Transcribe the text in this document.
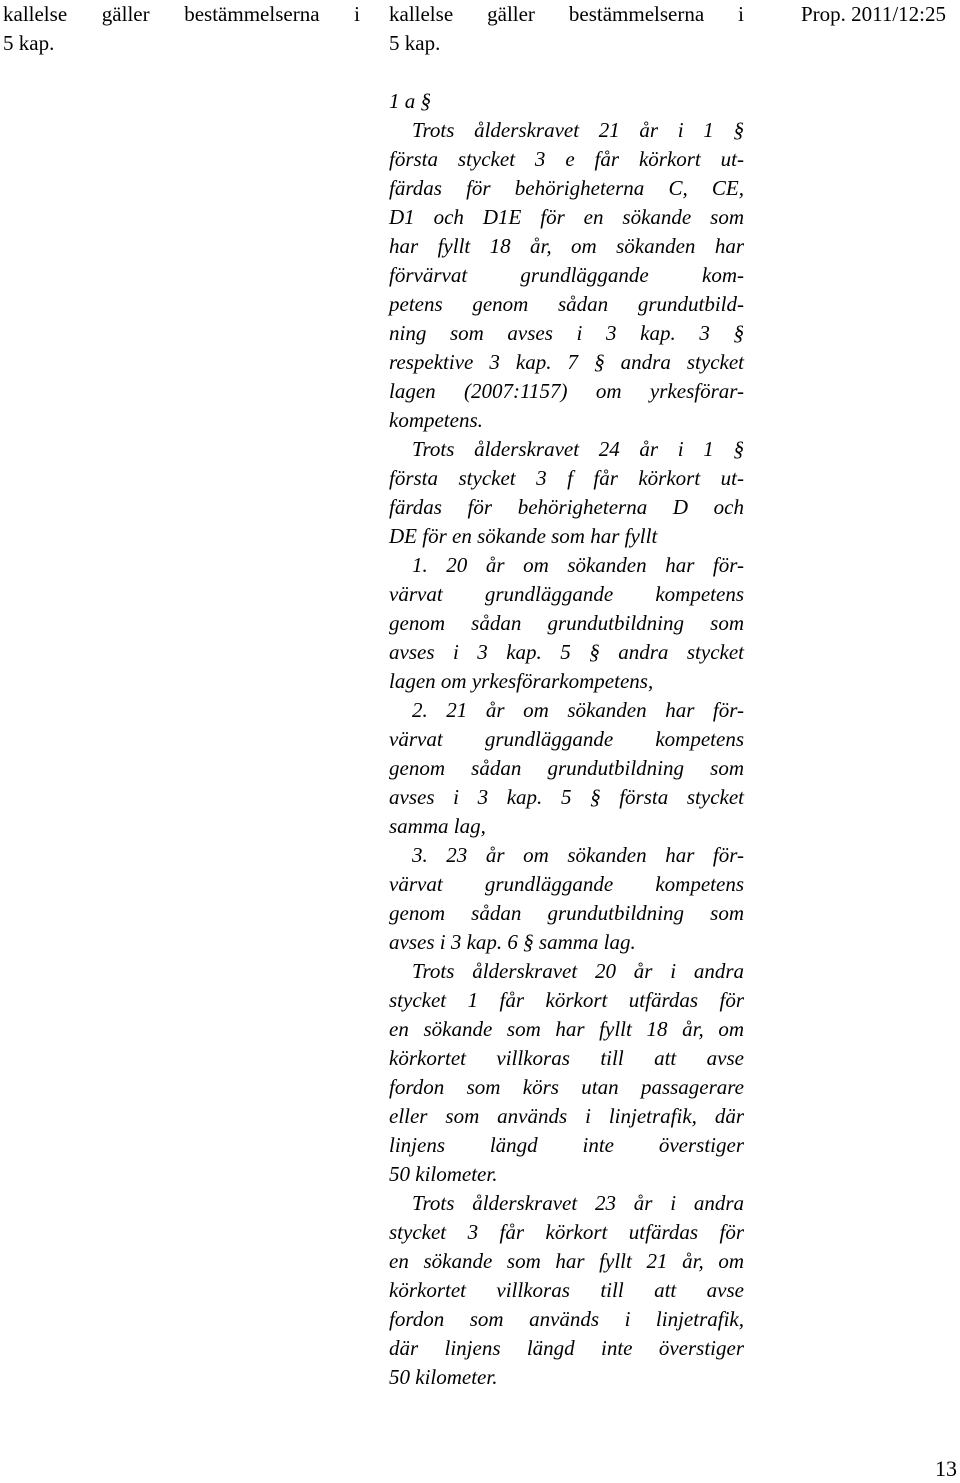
kallelse gäller bestämmelserna i

5 kap.

kallelse gäller bestämmelserna i

5 kap.

Prop. 2011/12:25

1 a §

Trots ålderskravet 21 år i 1 §

första stycket 3 e får körkort ut-

färdas för behörigheterna C, CE,

D1 och D1E för en sökande som

har fyllt 18 år, om sökanden har

förvärvat grundläggande kom-

petens genom sådan grundutbild-

ning som avses i 3 kap. 3 §

respektive 3 kap. 7 § andra stycket

lagen (2007:1157) om yrkesförar-

kompetens.

Trots ålderskravet 24 år i 1 §

första stycket 3 f får körkort ut-

färdas för behörigheterna D och

DE för en sökande som har fyllt

1. 20 år om sökanden har för-

värvat grundläggande kompetens

genom sådan grundutbildning som

avses i 3 kap. 5 § andra stycket

lagen om yrkesförarkompetens,

2. 21 år om sökanden har för-

värvat grundläggande kompetens

genom sådan grundutbildning som

avses i 3 kap. 5 § första stycket

samma lag,

3. 23 år om sökanden har för-

värvat grundläggande kompetens

genom sådan grundutbildning som

avses i 3 kap. 6 § samma lag.

Trots ålderskravet 20 år i andra

stycket 1 får körkort utfärdas för

en sökande som har fyllt 18 år, om

körkortet villkoras till att avse

fordon som körs utan passagerare

eller som används i linjetrafik, där

linjens längd inte överstiger

50 kilometer.

Trots ålderskravet 23 år i andra

stycket 3 får körkort utfärdas för

en sökande som har fyllt 21 år, om

körkortet villkoras till att avse

fordon som används i linjetrafik,

där linjens längd inte överstiger

50 kilometer.

13
